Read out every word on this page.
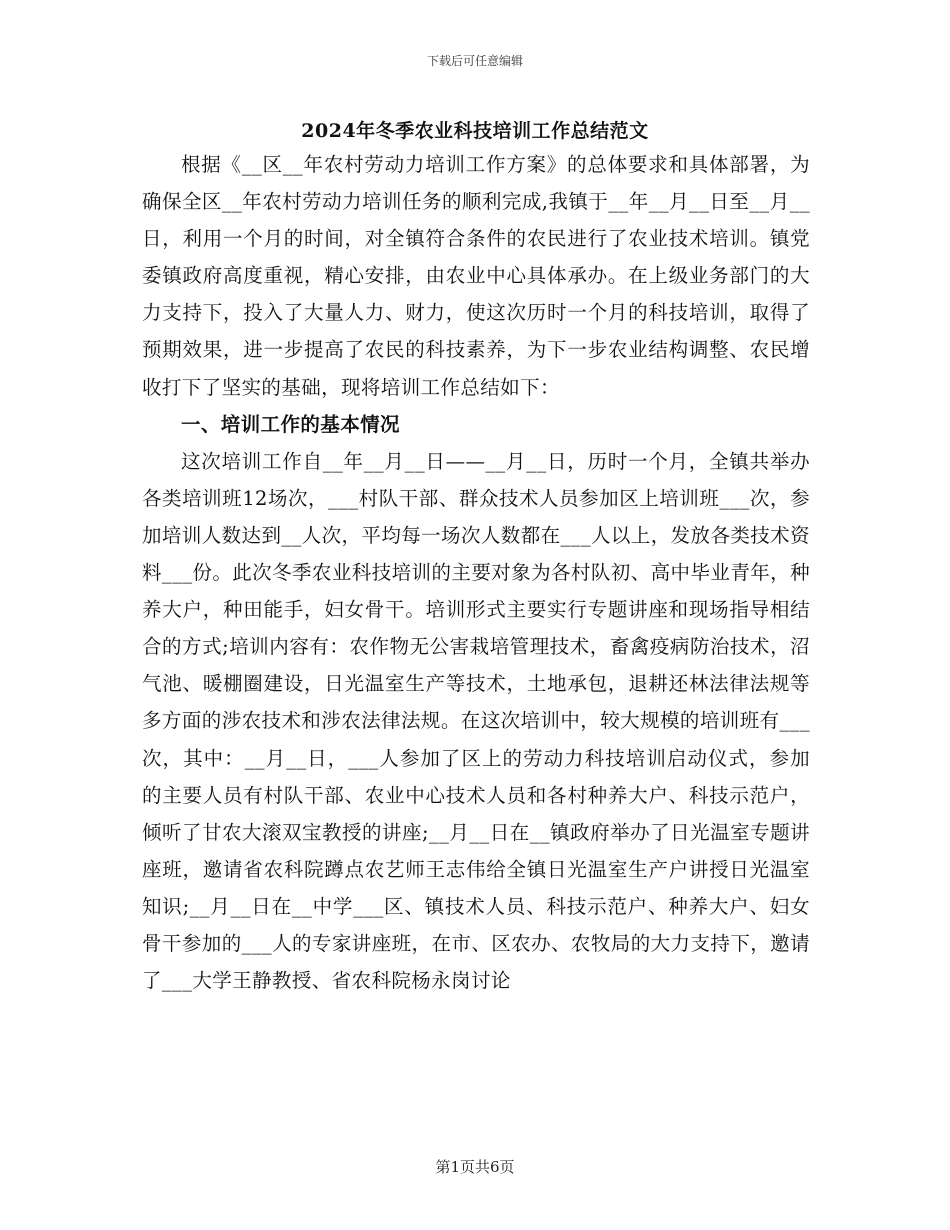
下载后可任意编辑
2024年冬季农业科技培训工作总结范文

根据《__区__年农村劳动力培训工作方案》的总体要求和具体部署，为确保全区__年农村劳动力培训任务的顺利完成,我镇于__年__月__日至__月__日，利用一个月的时间，对全镇符合条件的农民进行了农业技术培训。镇党委镇政府高度重视，精心安排，由农业中心具体承办。在上级业务部门的大力支持下，投入了大量人力、财力，使这次历时一个月的科技培训，取得了预期效果，进一步提高了农民的科技素养，为下一步农业结构调整、农民增收打下了坚实的基础，现将培训工作总结如下：

一、培训工作的基本情况

这次培训工作自__年__月__日——__月__日，历时一个月，全镇共举办各类培训班12场次，___村队干部、群众技术人员参加区上培训班___次，参加培训人数达到__人次，平均每一场次人数都在___人以上，发放各类技术资料___份。此次冬季农业科技培训的主要对象为各村队初、高中毕业青年，种养大户，种田能手，妇女骨干。培训形式主要实行专题讲座和现场指导相结合的方式;培训内容有：农作物无公害栽培管理技术，畜禽疫病防治技术，沼气池、暖棚圈建设，日光温室生产等技术，土地承包，退耕还林法律法规等多方面的涉农技术和涉农法律法规。在这次培训中，较大规模的培训班有___次，其中：__月__日，___人参加了区上的劳动力科技培训启动仪式，参加的主要人员有村队干部、农业中心技术人员和各村种养大户、科技示范户，倾听了甘农大滚双宝教授的讲座;__月__日在__镇政府举办了日光温室专题讲座班，邀请省农科院蹲点农艺师王志伟给全镇日光温室生产户讲授日光温室知识;__月__日在__中学___区、镇技术人员、科技示范户、种养大户、妇女骨干参加的___人的专家讲座班，在市、区农办、农牧局的大力支持下，邀请了___大学王静教授、省农科院杨永岗讨论

第1页共6页
